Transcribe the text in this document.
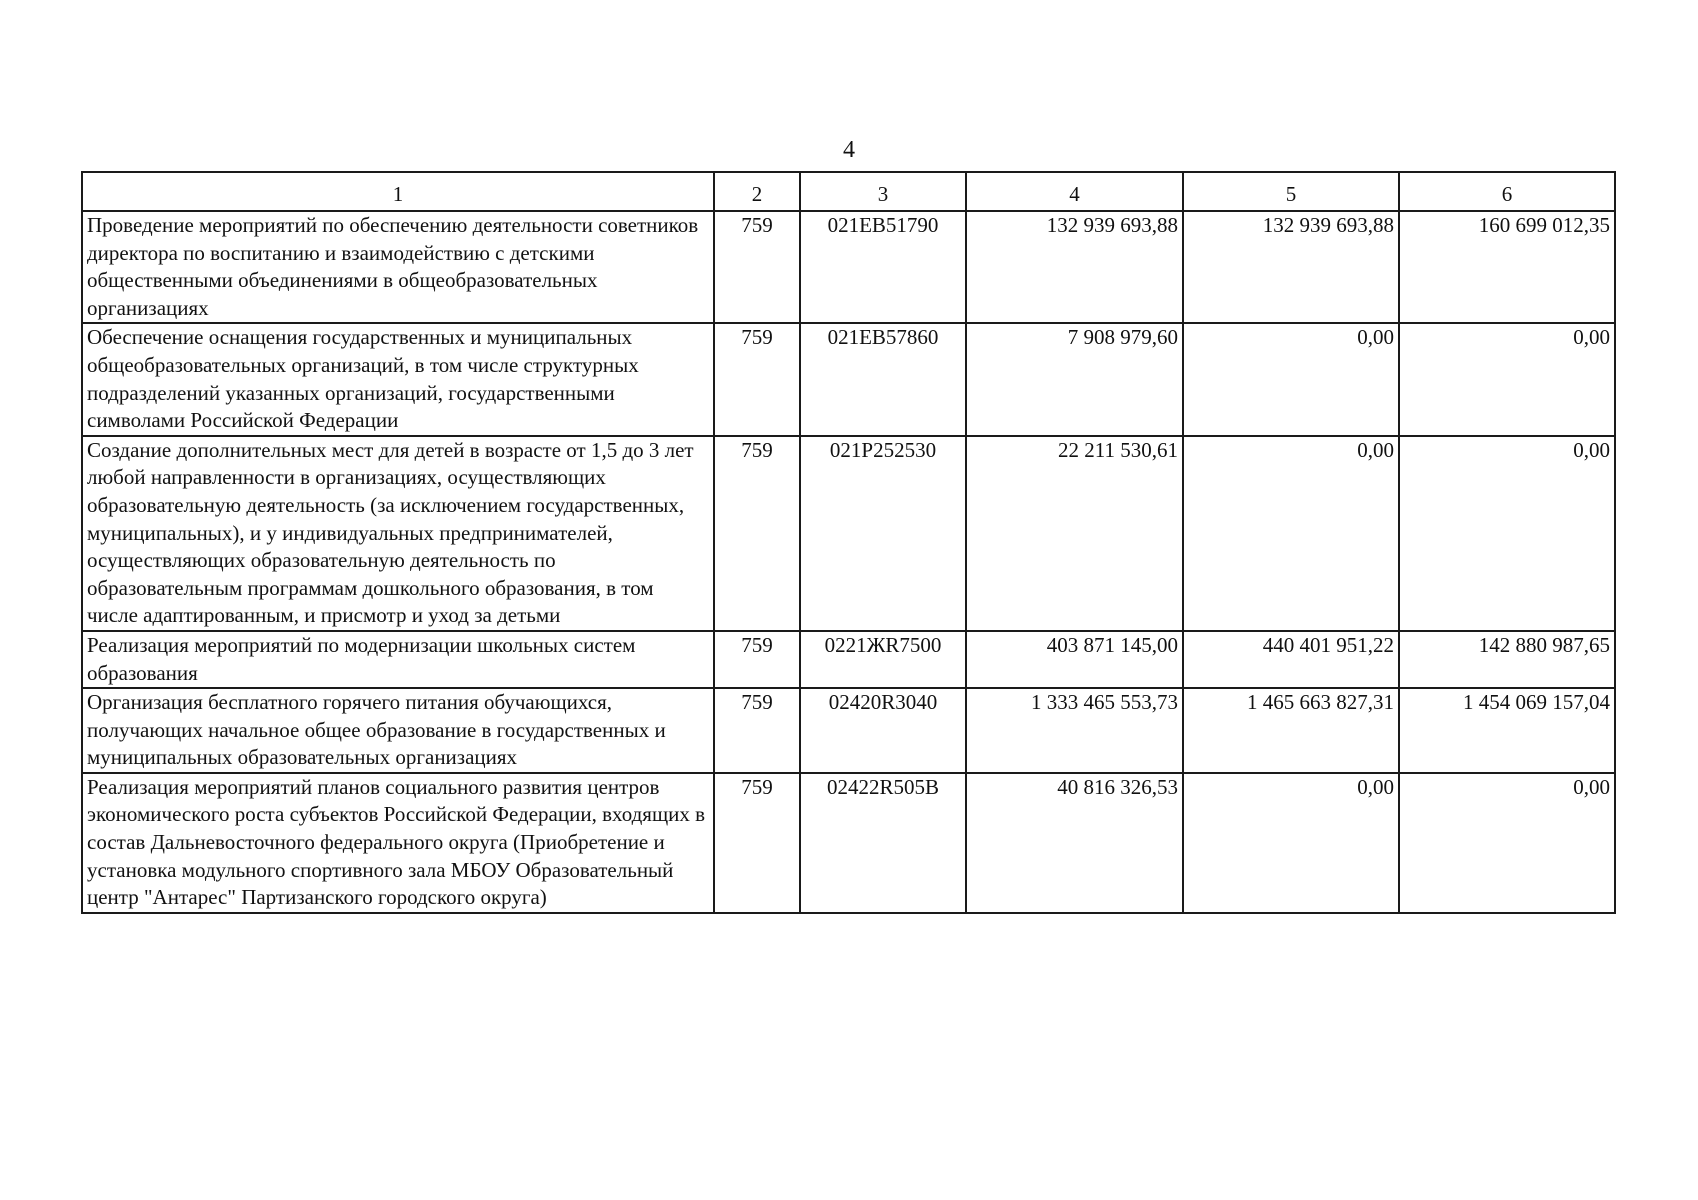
4
1	2	3	4	5	6
Проведение мероприятий по обеспечению деятельности советников директора по воспитанию и взаимодействию с детскими общественными объединениями в общеобразовательных организациях	759	021EB51790	132 939 693,88	132 939 693,88	160 699 012,35
Обеспечение оснащения государственных и муниципальных общеобразовательных организаций, в том числе структурных подразделений указанных организаций, государственными символами Российской Федерации	759	021EB57860	7 908 979,60	0,00	0,00
Создание дополнительных мест для детей в возрасте от 1,5 до 3 лет любой направленности в организациях, осуществляющих образовательную деятельность (за исключением государственных, муниципальных), и у индивидуальных предпринимателей, осуществляющих образовательную деятельность по образовательным программам дошкольного образования, в том числе адаптированным, и присмотр и уход за детьми	759	021P252530	22 211 530,61	0,00	0,00
Реализация мероприятий по модернизации школьных систем образования	759	0221ЖR7500	403 871 145,00	440 401 951,22	142 880 987,65
Организация бесплатного горячего питания обучающихся, получающих начальное общее образование в государственных и муниципальных образовательных организациях	759	02420R3040	1 333 465 553,73	1 465 663 827,31	1 454 069 157,04
Реализация мероприятий планов социального развития центров экономического роста субъектов Российской Федерации, входящих в состав Дальневосточного федерального округа (Приобретение и установка модульного спортивного зала МБОУ Образовательный центр "Антарес" Партизанского городского округа)	759	02422R505B	40 816 326,53	0,00	0,00
